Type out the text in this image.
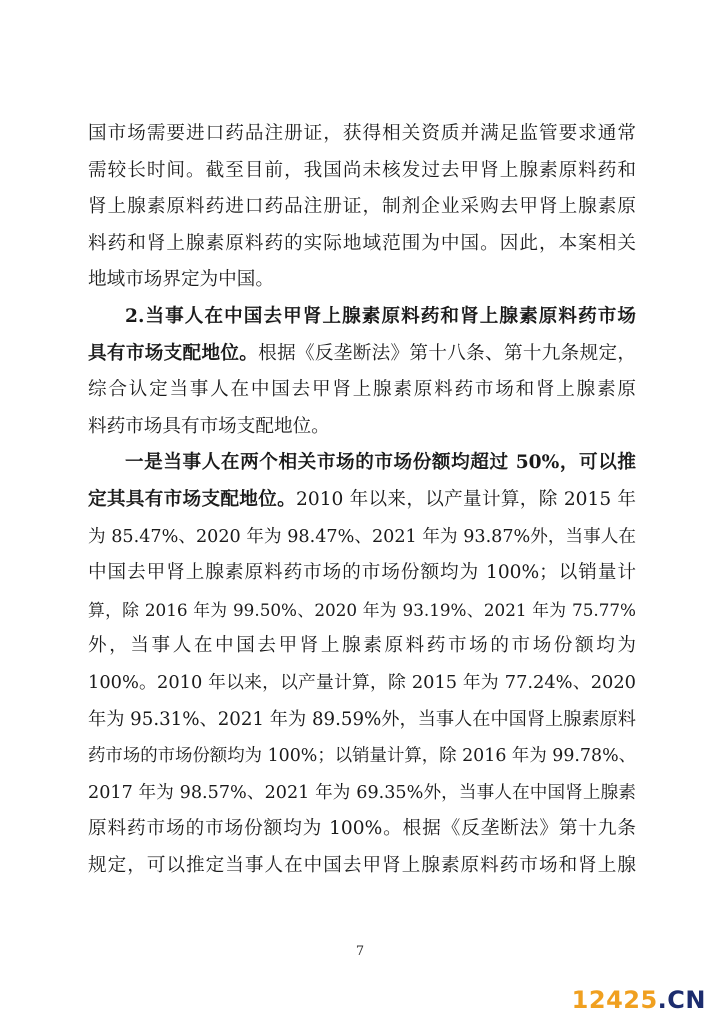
国市场需要进口药品注册证，获得相关资质并满足监管要求通常
需较长时间。截至目前，我国尚未核发过去甲肾上腺素原料药和
肾上腺素原料药进口药品注册证，制剂企业采购去甲肾上腺素原
料药和肾上腺素原料药的实际地域范围为中国。因此，本案相关
地域市场界定为中国。
2.当事人在中国去甲肾上腺素原料药和肾上腺素原料药市场
具有市场支配地位。根据《反垄断法》第十八条、第十九条规定，
综合认定当事人在中国去甲肾上腺素原料药市场和肾上腺素原
料药市场具有市场支配地位。
一是当事人在两个相关市场的市场份额均超过 50%，可以推
定其具有市场支配地位。2010 年以来，以产量计算，除 2015 年
为 85.47%、2020 年为 98.47%、2021 年为 93.87%外，当事人在
中国去甲肾上腺素原料药市场的市场份额均为 100%；以销量计
算，除 2016 年为 99.50%、2020 年为 93.19%、2021 年为 75.77%
外，当事人在中国去甲肾上腺素原料药市场的市场份额均为
100%。2010 年以来，以产量计算，除 2015 年为 77.24%、2020
年为 95.31%、2021 年为 89.59%外，当事人在中国肾上腺素原料
药市场的市场份额均为 100%；以销量计算，除 2016 年为 99.78%、
2017 年为 98.57%、2021 年为 69.35%外，当事人在中国肾上腺素
原料药市场的市场份额均为 100%。根据《反垄断法》第十九条
规定，可以推定当事人在中国去甲肾上腺素原料药市场和肾上腺
7
12425.CN
